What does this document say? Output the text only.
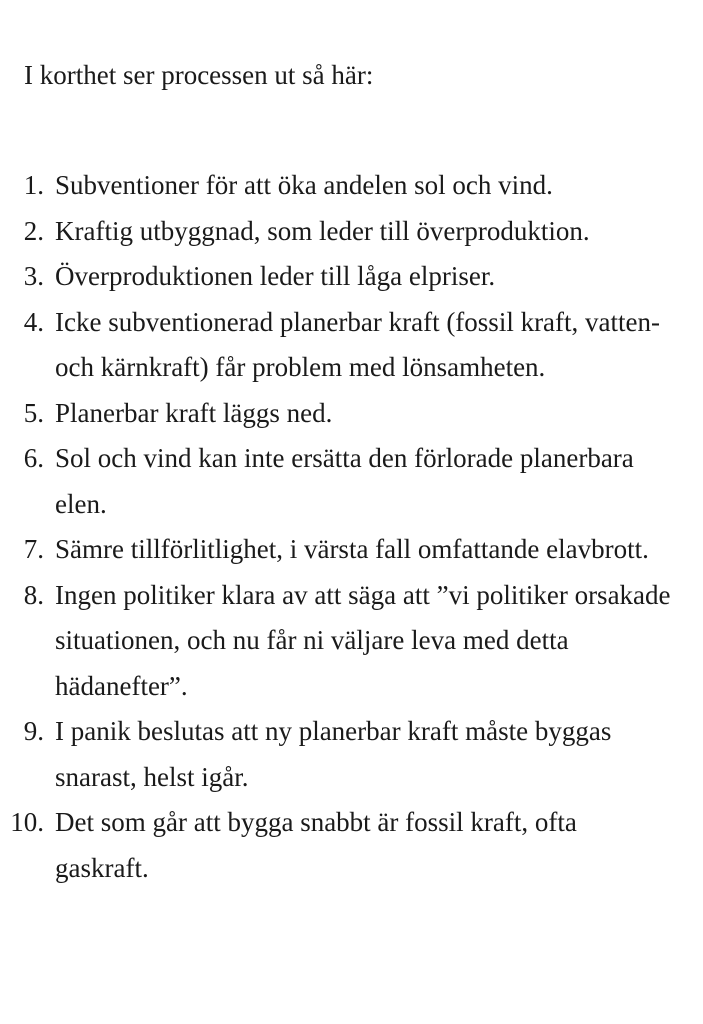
I korthet ser processen ut så här:

1. Subventioner för att öka andelen sol och vind.
2. Kraftig utbyggnad, som leder till överproduktion.
3. Överproduktionen leder till låga elpriser.
4. Icke subventionerad planerbar kraft (fossil kraft, vatten- och kärnkraft) får problem med lönsamheten.
5. Planerbar kraft läggs ned.
6. Sol och vind kan inte ersätta den förlorade planerbara elen.
7. Sämre tillförlitlighet, i värsta fall omfattande elavbrott.
8. Ingen politiker klara av att säga att ”vi politiker orsakade situationen, och nu får ni väljare leva med detta hädanefter”.
9. I panik beslutas att ny planerbar kraft måste byggas snarast, helst igår.
10. Det som går att bygga snabbt är fossil kraft, ofta gaskraft.
